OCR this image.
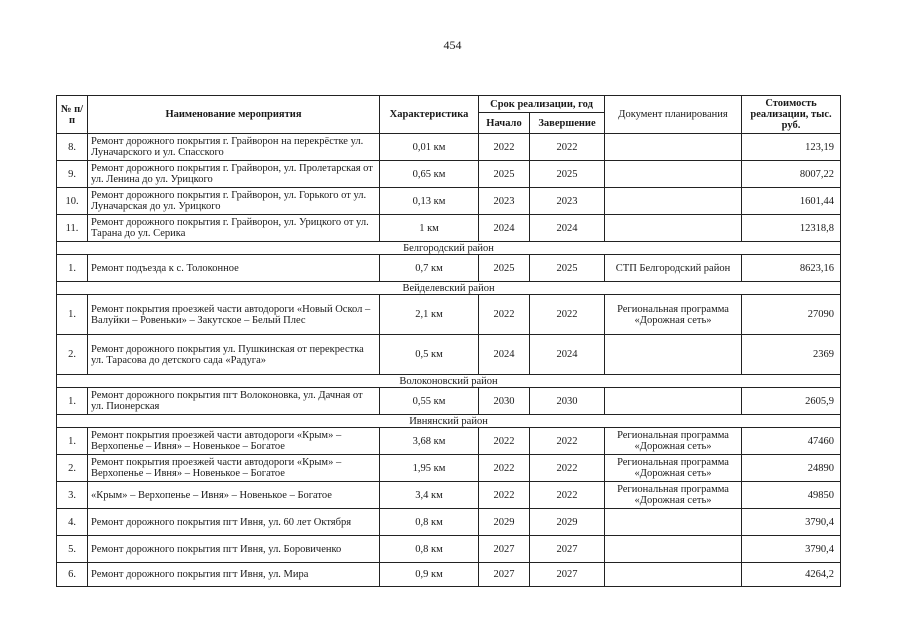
454
№ п/п	Наименование мероприятия	Характеристика	Срок реализации, год		Документ планирования	Стоимость реализации, тыс. руб.
			Начало	Завершение		
8.	Ремонт дорожного покрытия г. Грайворон на перекрёстке ул. Луначарского и ул. Спасского	0,01 км	2022	2022		123,19
9.	Ремонт дорожного покрытия г. Грайворон, ул. Пролетарская от ул. Ленина до ул. Урицкого	0,65 км	2025	2025		8007,22
10.	Ремонт дорожного покрытия г. Грайворон, ул. Горького от ул. Луначарская до ул. Урицкого	0,13 км	2023	2023		1601,44
11.	Ремонт дорожного покрытия г. Грайворон, ул. Урицкого от ул. Тарана до ул. Серика	1 км	2024	2024		12318,8
Белгородский район						
1.	Ремонт подъезда к с. Толоконное	0,7 км	2025	2025	СТП Белгородский район	8623,16
Вейделевский район						
1.	Ремонт покрытия проезжей части автодороги «Новый Оскол – Валуйки – Ровеньки» – Закутское – Белый Плес	2,1 км	2022	2022	Региональная программа «Дорожная сеть»	27090
2.	Ремонт дорожного покрытия ул. Пушкинская от перекрестка ул. Тарасова до детского сада «Радуга»	0,5 км	2024	2024		2369
Волоконовский район						
1.	Ремонт дорожного покрытия пгт Волоконовка, ул. Дачная от ул. Пионерская	0,55 км	2030	2030		2605,9
Ивнянский район						
1.	Ремонт покрытия проезжей части автодороги «Крым» – Верхопенье – Ивня» – Новенькое – Богатое	3,68 км	2022	2022	Региональная программа «Дорожная сеть»	47460
2.	Ремонт покрытия проезжей части автодороги «Крым» – Верхопенье – Ивня» – Новенькое – Богатое	1,95 км	2022	2022	Региональная программа «Дорожная сеть»	24890
3.	«Крым» – Верхопенье – Ивня» – Новенькое – Богатое	3,4 км	2022	2022	Региональная программа «Дорожная сеть»	49850
4.	Ремонт дорожного покрытия пгт Ивня, ул. 60 лет Октября	0,8 км	2029	2029		3790,4
5.	Ремонт дорожного покрытия пгт Ивня, ул. Боровиченко	0,8 км	2027	2027		3790,4
6.	Ремонт дорожного покрытия пгт Ивня, ул. Мира	0,9 км	2027	2027		4264,2
